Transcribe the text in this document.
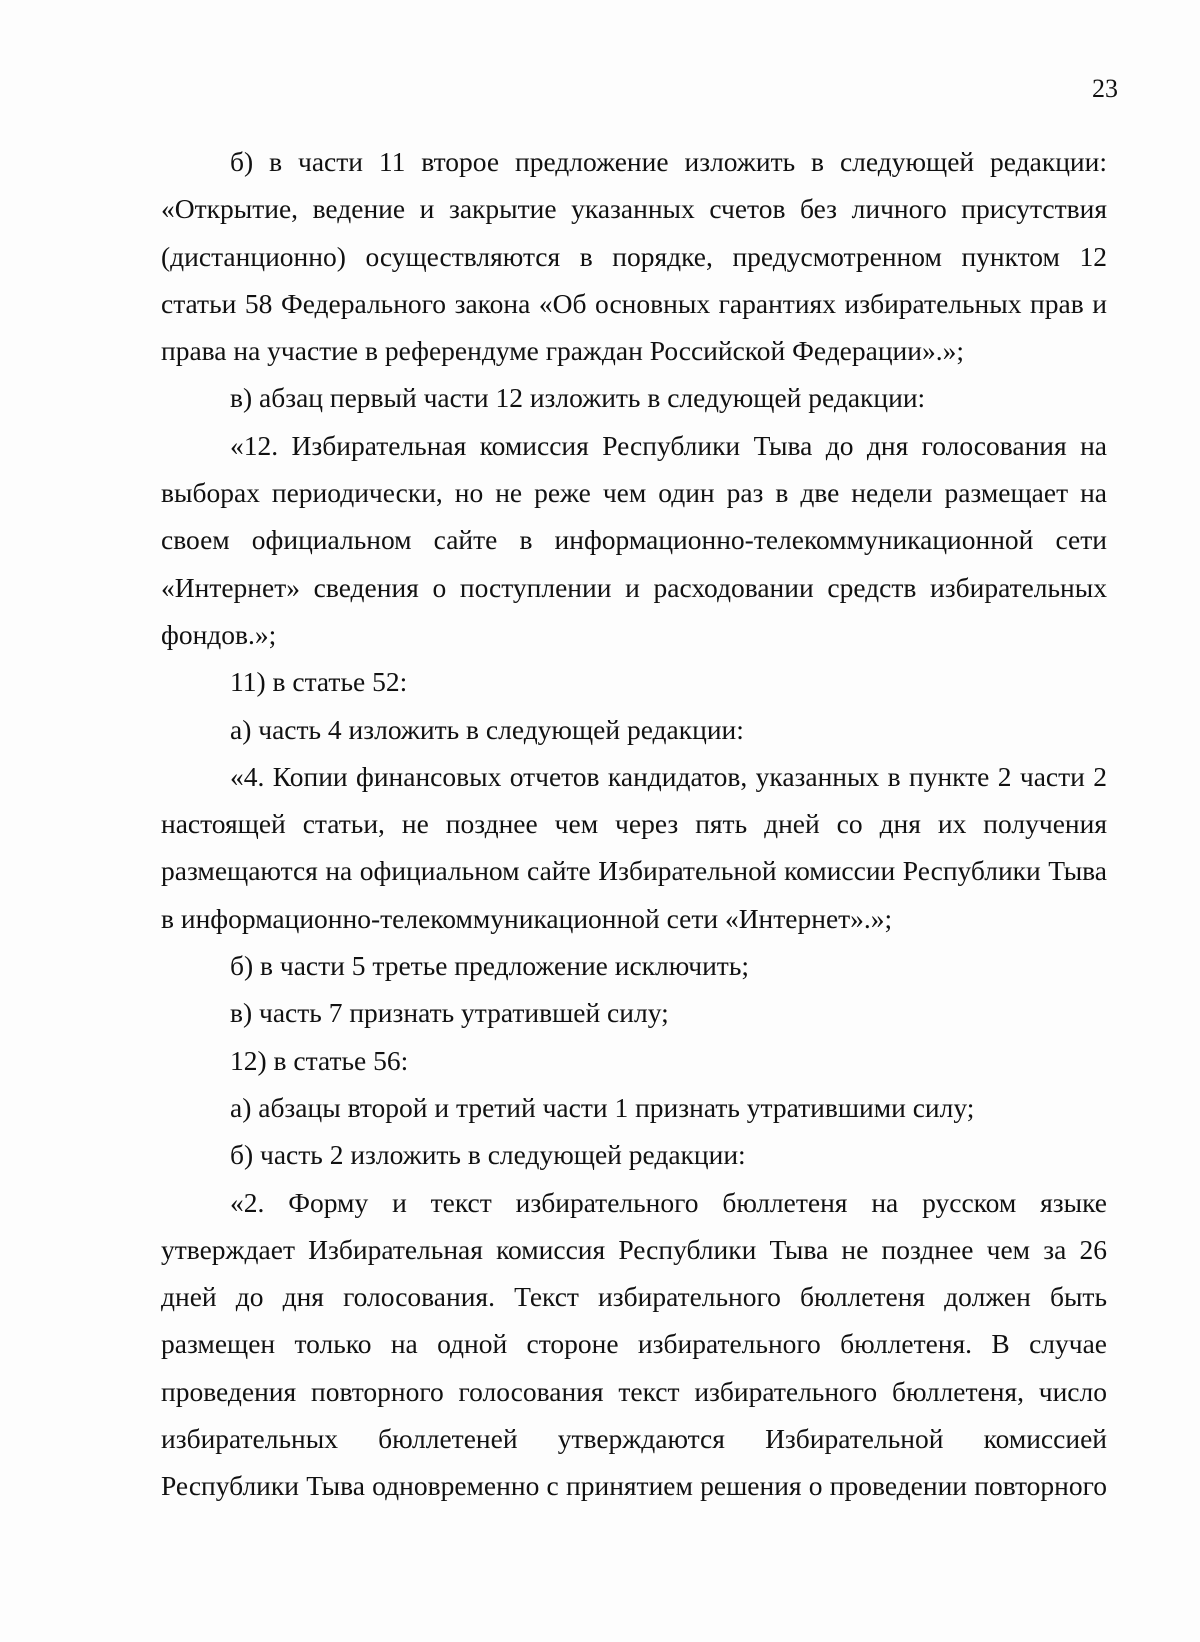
23

б) в части 11 второе предложение изложить в следующей редакции: «Открытие, ведение и закрытие указанных счетов без личного присутствия (дистанционно) осуществляются в порядке, предусмотренном пунктом 12 статьи 58 Федерального закона «Об основных гарантиях избирательных прав и права на участие в референдуме граждан Российской Федерации».»;

в) абзац первый части 12 изложить в следующей редакции:

«12. Избирательная комиссия Республики Тыва до дня голосования на выборах периодически, но не реже чем один раз в две недели размещает на своем официальном сайте в информационно-телекоммуникационной сети «Интернет» сведения о поступлении и расходовании средств избирательных фондов.»;

11) в статье 52:

а) часть 4 изложить в следующей редакции:

«4. Копии финансовых отчетов кандидатов, указанных в пункте 2 части 2 настоящей статьи, не позднее чем через пять дней со дня их получения размещаются на официальном сайте Избирательной комиссии Республики Тыва в информационно-телекоммуникационной сети «Интернет».»;

б) в части 5 третье предложение исключить;

в) часть 7 признать утратившей силу;

12) в статье 56:

а) абзацы второй и третий части 1 признать утратившими силу;

б) часть 2 изложить в следующей редакции:

«2. Форму и текст избирательного бюллетеня на русском языке утверждает Избирательная комиссия Республики Тыва не позднее чем за 26 дней до дня голосования. Текст избирательного бюллетеня должен быть размещен только на одной стороне избирательного бюллетеня. В случае проведения повторного голосования текст избирательного бюллетеня, число избирательных бюллетеней утверждаются Избирательной комиссией Республики Тыва одновременно с принятием решения о проведении повторного
